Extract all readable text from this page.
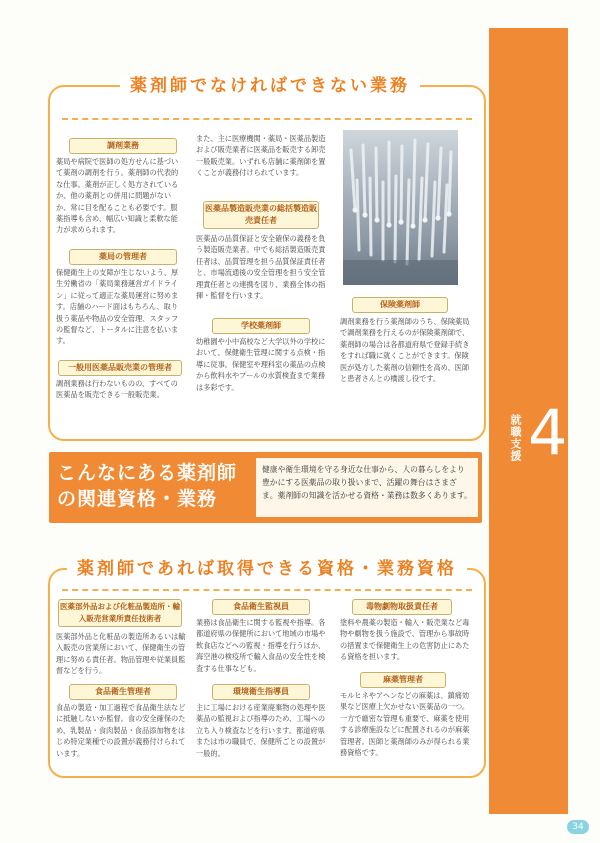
就職支援 4
薬剤師でなければできない業務
調剤業務
薬局や病院で医師の処方せんに基づいて薬剤の調剤を行う。薬剤師の代表的な仕事。薬剤が正しく処方されているか、他の薬剤との併用に問題がないか、常に目を配ることも必要です。服薬指導も含め、幅広い知識と柔軟な能力が求められます。
薬局の管理者
保健衛生上の支障が生じないよう、厚生労働省の「薬局業務運営ガイドライン」に従って適正な薬局運営に努めます。店舗のハード面はもちろん、取り扱う薬品や物品の安全管理、スタッフの監督など、トータルに注意を払います。
一般用医薬品販売業の管理者
調剤業務は行わないものの、すべての医薬品を販売できる一般販売業。
また、主に医療機関・薬局・医薬品製造および販売業者に医薬品を販売する卸売一般販売業。いずれも店舗に薬剤師を置くことが義務付けられています。
医薬品製造販売業の総括製造販売責任者
医薬品の品質保証と安全確保の義務を負う製造販売業者。中でも総括製造販売責任者は、品質管理を担う品質保証責任者と、市場流通後の安全管理を担う安全管理責任者との連携を図り、業務全体の指揮・監督を行います。
学校薬剤師
幼稚園や小中高校など大学以外の学校において、保健衛生管理に関する点検・指導に従事。保健室や理科室の薬品の点検から飲料水やプールの水質検査まで業務は多彩です。
保険薬剤師
調剤業務を行う薬剤師のうち、保険薬局で調剤業務を行えるのが保険薬剤師で、薬剤師の場合は各都道府県で登録手続きをすれば職に就くことができます。保険医が処方した薬剤の信頼性を高め、医師と患者さんとの橋渡し役です。
こんなにある薬剤師
の関連資格・業務
健康や衛生環境を守る身近な仕事から、人の暮らしをより豊かにする医薬品の取り扱いまで、活躍の舞台はさまざま。薬剤師の知識を活かせる資格・業務は数多くあります。
薬剤師であれば取得できる資格・業務資格
医薬部外品および化粧品製造所・輸入販売営業所責任技術者
医薬部外品と化粧品の製造所あるいは輸入販売の営業所において、保健衛生の管理に努める責任者。物品管理や従業員監督などを行う。
食品衛生管理者
食品の製造・加工過程で食品衛生法などに抵触しないか監督。食の安全確保のため、乳製品・食肉製品・食品添加物をはじめ特定業種での設置が義務付けられています。
食品衛生監視員
業務は食品衛生に関する監視や指導。各都道府県の保健所において地域の市場や飲食店などへの監視・指導を行うほか、海空港の検疫所で輸入食品の安全性を検査する仕事なども。
環境衛生指導員
主に工場における産業廃棄物の処理や医薬品の監視および指導のため、工場への立ち入り検査などを行います。都道府県または市の職員で、保健所ごとの設置が一般的。
毒物劇物取扱責任者
塗料や農薬の製造・輸入・販売業など毒物や劇物を扱う施設で、管理から事故時の措置まで保健衛生上の危害防止にあたる資格を担います。
麻薬管理者
モルヒネやアヘンなどの麻薬は、鎮痛効果など医療上欠かせない医薬品の一つ。一方で厳密な管理も重要で、麻薬を使用する診療施設などに配置されるのが麻薬管理者。医師と薬剤師のみが得られる業務資格です。
34
